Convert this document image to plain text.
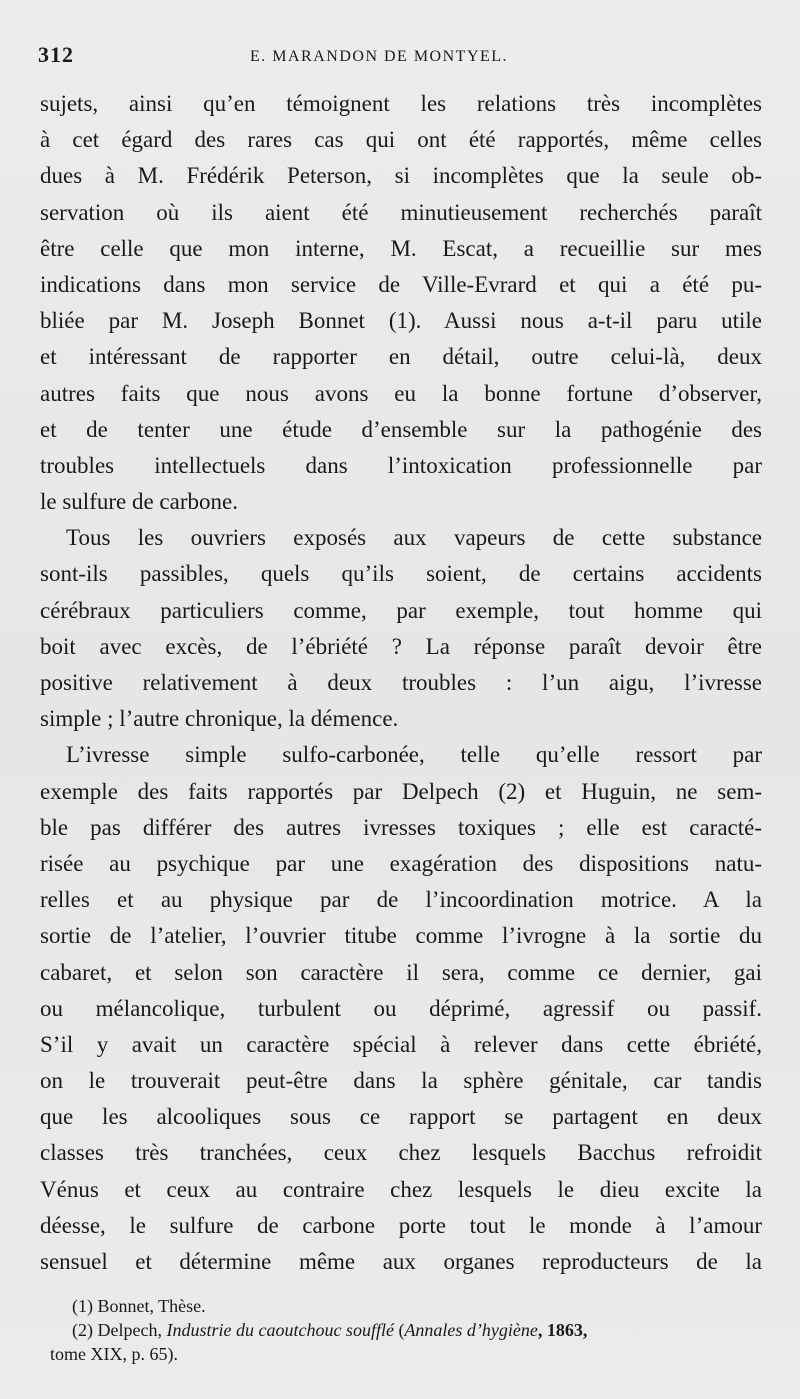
312	E. MARANDON DE MONTYEL.
sujets, ainsi qu’en témoignent les relations très incomplètes
à cet égard des rares cas qui ont été rapportés, même celles
dues à M. Frédérik Peterson, si incomplètes que la seule ob-
servation où ils aient été minutieusement recherchés paraît
être celle que mon interne, M. Escat, a recueillie sur mes
indications dans mon service de Ville-Evrard et qui a été pu-
bliée par M. Joseph Bonnet (1). Aussi nous a-t-il paru utile
et intéressant de rapporter en détail, outre celui-là, deux
autres faits que nous avons eu la bonne fortune d’observer,
et de tenter une étude d’ensemble sur la pathogénie des
troubles intellectuels dans l’intoxication professionnelle par
le sulfure de carbone.
Tous les ouvriers exposés aux vapeurs de cette substance
sont-ils passibles, quels qu’ils soient, de certains accidents
cérébraux particuliers comme, par exemple, tout homme qui
boit avec excès, de l’ébriété ? La réponse paraît devoir être
positive relativement à deux troubles : l’un aigu, l’ivresse
simple ; l’autre chronique, la démence.
L’ivresse simple sulfo-carbonée, telle qu’elle ressort par
exemple des faits rapportés par Delpech (2) et Huguin, ne sem-
ble pas différer des autres ivresses toxiques ; elle est caracté-
risée au psychique par une exagération des dispositions natu-
relles et au physique par de l’incoordination motrice. A la
sortie de l’atelier, l’ouvrier titube comme l’ivrogne à la sortie du
cabaret, et selon son caractère il sera, comme ce dernier, gai
ou mélancolique, turbulent ou déprimé, agressif ou passif.
S’il y avait un caractère spécial à relever dans cette ébriété,
on le trouverait peut-être dans la sphère génitale, car tandis
que les alcooliques sous ce rapport se partagent en deux
classes très tranchées, ceux chez lesquels Bacchus refroidit
Vénus et ceux au contraire chez lesquels le dieu excite la
déesse, le sulfure de carbone porte tout le monde à l’amour
sensuel et détermine même aux organes reproducteurs de la
(1) Bonnet, Thèse.
(2) Delpech, Industrie du caoutchouc soufflé (Annales d’hygiène, 1863,
tome XIX, p. 65).
